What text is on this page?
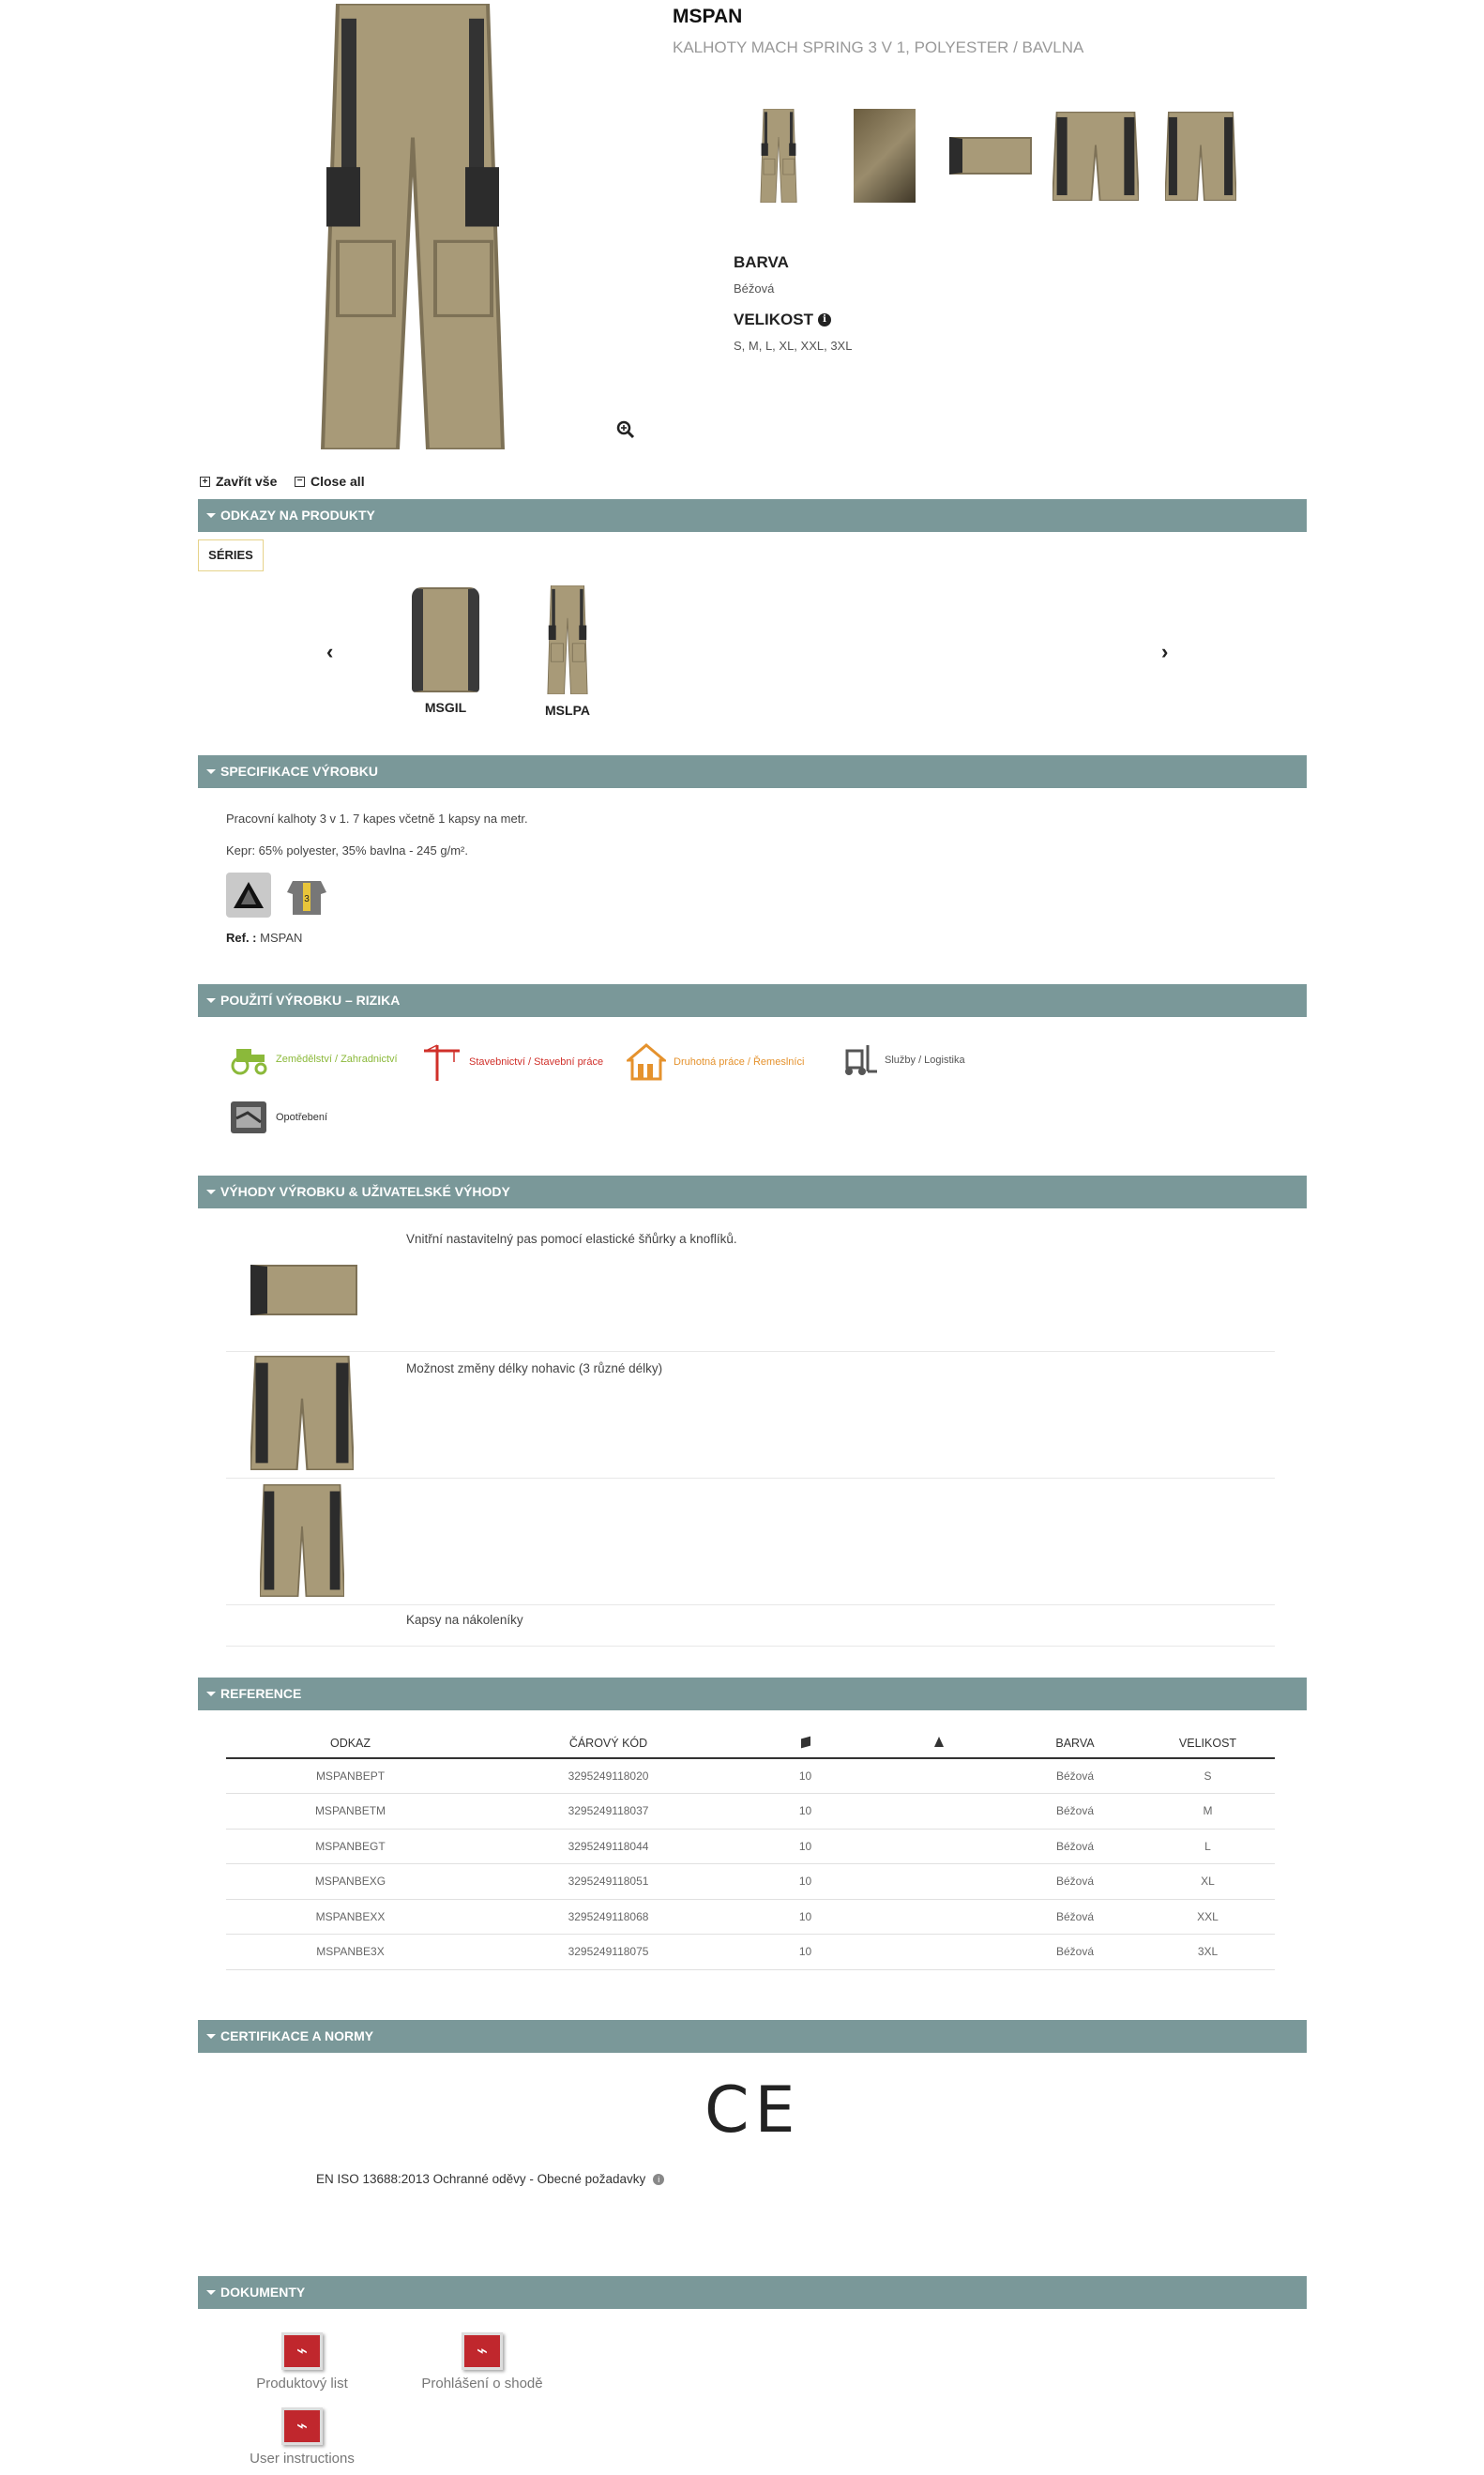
MSPAN
KALHOTY MACH SPRING 3 V 1, POLYESTER / BAVLNA
BARVA
Béžová
VELIKOST	i
S, M, L, XL, XXL, 3XL
+ Zavřít vše − Close all
ODKAZY NA PRODUKTY
SÉRIES
‹	›
MSGIL	MSLPA
SPECIFIKACE VÝROBKU
Pracovní kalhoty 3 v 1. 7 kapes včetně 1 kapsy na metr.
Kepr: 65% polyester, 35% bavlna - 245 g/m².
3
Ref. : MSPAN
POUŽITÍ VÝROBKU – RIZIKA
Zemědělství / Zahradnictví	Stavebnictví / Stavební práce	Druhotná práce / Řemeslníci	Služby / Logistika
Opotřebení
VÝHODY VÝROBKU & UŽIVATELSKÉ VÝHODY
Vnitřní nastavitelný pas pomocí elastické šňůrky a knoflíků.
Možnost změny délky nohavic (3 různé délky)
Kapsy na nákoleníky
REFERENCE
ODKAZ	ČÁROVÝ KÓD			BARVA	VELIKOST
MSPANBEPT	3295249118020	10		Béžová	S
MSPANBETM	3295249118037	10		Béžová	M
MSPANBEGT	3295249118044	10		Béžová	L
MSPANBEXG	3295249118051	10		Béžová	XL
MSPANBEXX	3295249118068	10		Béžová	XXL
MSPANBE3X	3295249118075	10		Béžová	3XL
CERTIFIKACE A NORMY
CE
EN ISO 13688:2013 Ochranné oděvy - Obecné požadavky	i
DOKUMENTY
⌁
Produktový list
⌁
Prohlášení o shodě
⌁
User instructions
